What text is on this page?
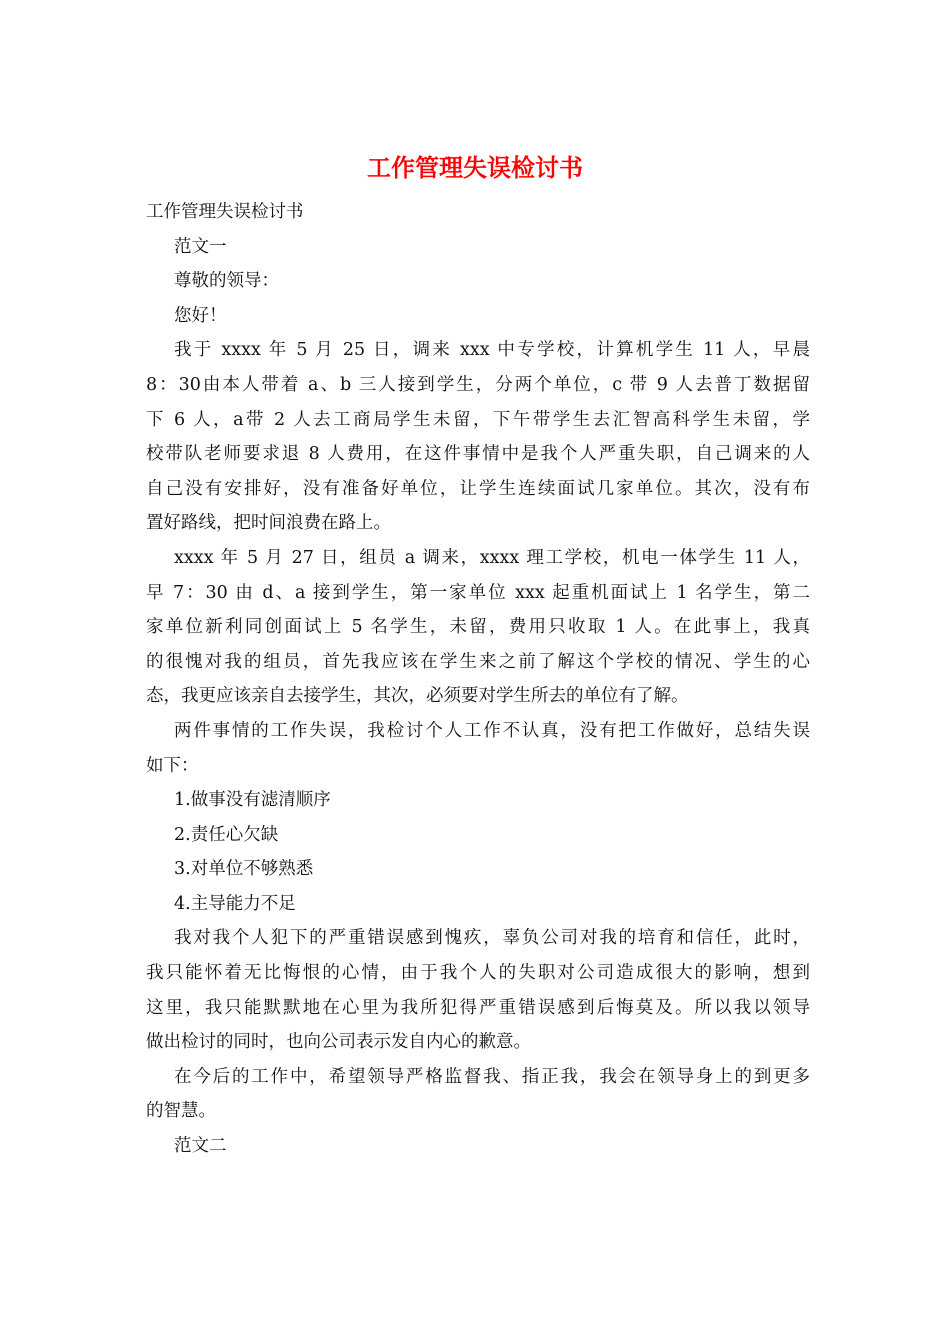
工作管理失误检讨书
工作管理失误检讨书
范文一
尊敬的领导：
您好！
我于 xxxx 年 5 月 25 日，调来 xxx 中专学校，计算机学生 11 人，早晨
8：30由本人带着 a、b 三人接到学生，分两个单位，c 带 9 人去普丁数据留
下 6 人，a带 2 人去工商局学生未留，下午带学生去汇智高科学生未留，学
校带队老师要求退 8 人费用，在这件事情中是我个人严重失职，自己调来的人
自己没有安排好，没有准备好单位，让学生连续面试几家单位。其次，没有布
置好路线，把时间浪费在路上。
xxxx 年 5 月 27 日，组员 a 调来，xxxx 理工学校，机电一体学生 11 人，
早 7：30 由 d、a 接到学生，第一家单位 xxx 起重机面试上 1 名学生，第二
家单位新利同创面试上 5 名学生，未留，费用只收取 1 人。在此事上，我真
的很愧对我的组员，首先我应该在学生来之前了解这个学校的情况、学生的心
态，我更应该亲自去接学生，其次，必须要对学生所去的单位有了解。
两件事情的工作失误，我检讨个人工作不认真，没有把工作做好，总结失误
如下：
1.做事没有滤清顺序
2.责任心欠缺
3.对单位不够熟悉
4.主导能力不足
我对我个人犯下的严重错误感到愧疚，辜负公司对我的培育和信任，此时，
我只能怀着无比悔恨的心情，由于我个人的失职对公司造成很大的影响，想到
这里，我只能默默地在心里为我所犯得严重错误感到后悔莫及。所以我以领导
做出检讨的同时，也向公司表示发自内心的歉意。
在今后的工作中，希望领导严格监督我、指正我，我会在领导身上的到更多
的智慧。
范文二
